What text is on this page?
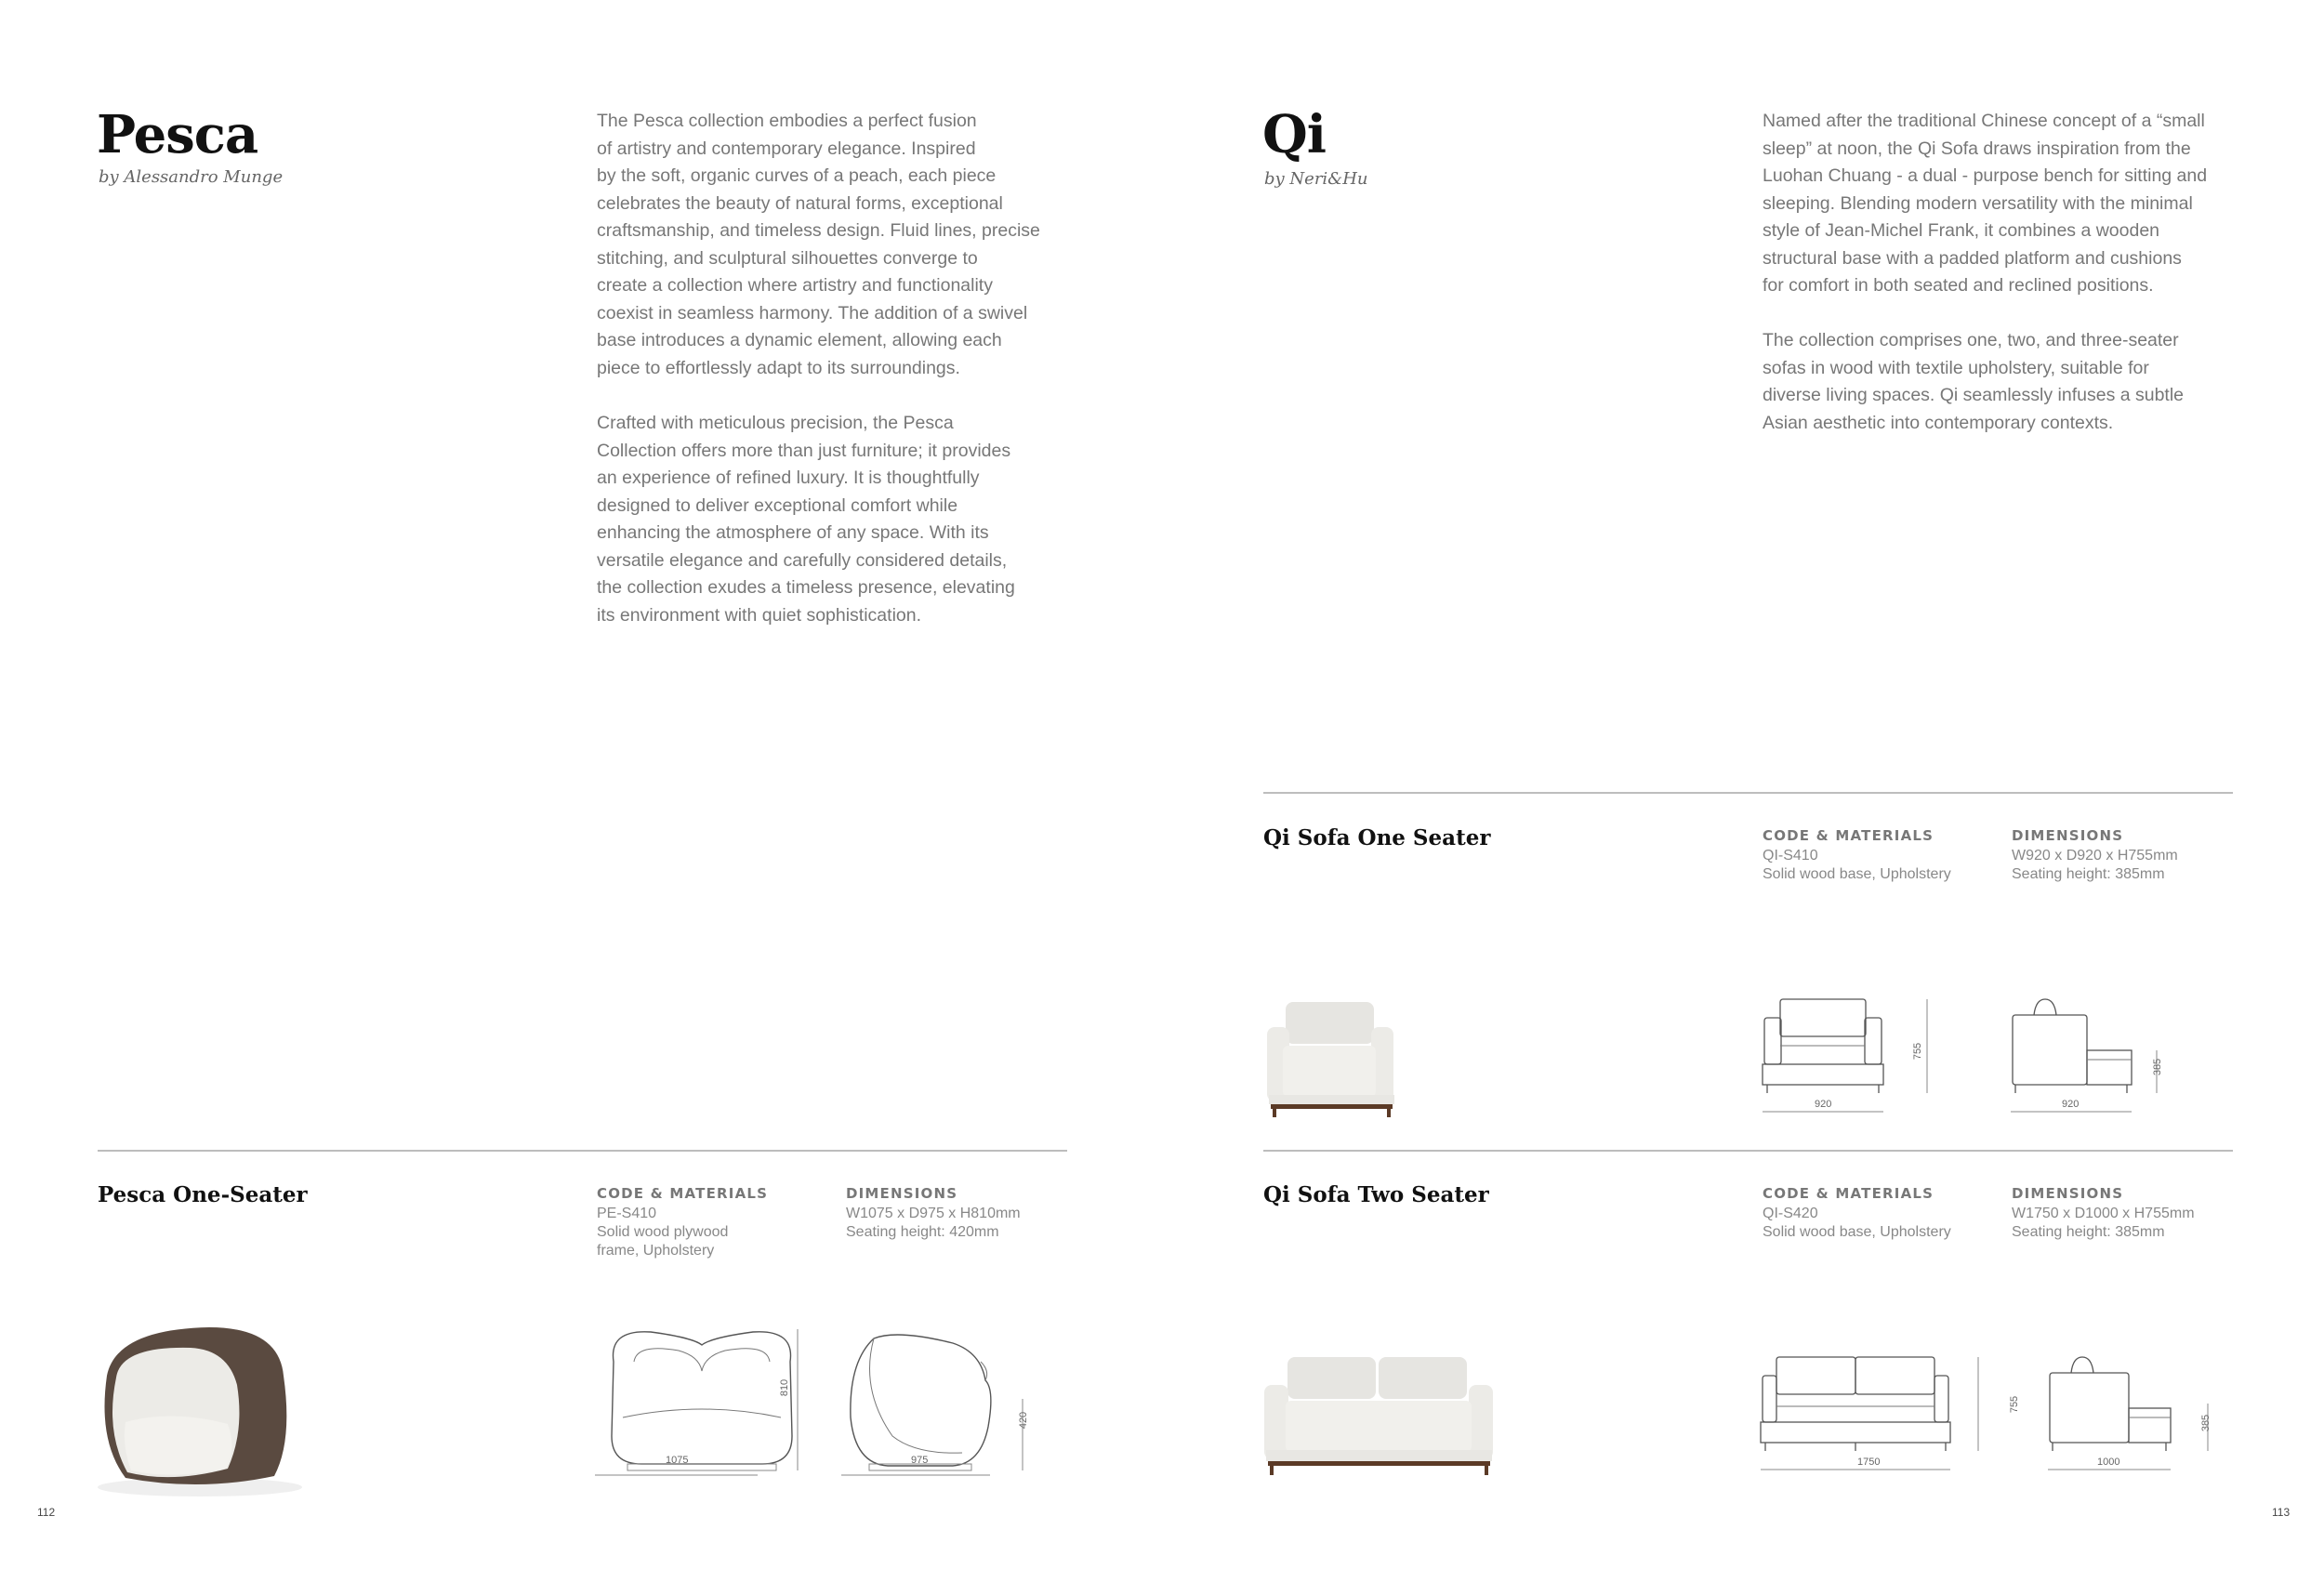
Pesca
by Alessandro Munge
The Pesca collection embodies a perfect fusion
of artistry and contemporary elegance. Inspired
by the soft, organic curves of a peach, each piece
celebrates the beauty of natural forms, exceptional
craftsmanship, and timeless design. Fluid lines, precise
stitching, and sculptural silhouettes converge to
create a collection where artistry and functionality
coexist in seamless harmony. The addition of a swivel
base introduces a dynamic element, allowing each
piece to effortlessly adapt to its surroundings.
Crafted with meticulous precision, the Pesca
Collection offers more than just furniture; it provides
an experience of refined luxury. It is thoughtfully
designed to deliver exceptional comfort while
enhancing the atmosphere of any space. With its
versatile elegance and carefully considered details,
the collection exudes a timeless presence, elevating
its environment with quiet sophistication.
Pesca One-Seater	CODE & MATERIALS
PE-S410
Solid wood plywood
frame, Upholstery
DIMENSIONS
W1075 x D975 x H810mm
Seating height: 420mm
810
1075
420
975
112
Qi
by Neri&Hu
Named after the traditional Chinese concept of a “small
sleep” at noon, the Qi Sofa draws inspiration from the
Luohan Chuang - a dual - purpose bench for sitting and
sleeping. Blending modern versatility with the minimal
style of Jean-Michel Frank, it combines a wooden
structural base with a padded platform and cushions
for comfort in both seated and reclined positions.
The collection comprises one, two, and three-seater
sofas in wood with textile upholstery, suitable for
diverse living spaces. Qi seamlessly infuses a subtle
Asian aesthetic into contemporary contexts.
Qi Sofa One Seater	CODE & MATERIALS
QI-S410
Solid wood base, Upholstery
DIMENSIONS
W920 x D920 x H755mm
Seating height: 385mm
755
920
385
920
Qi Sofa Two Seater	CODE & MATERIALS
QI-S420
Solid wood base, Upholstery
DIMENSIONS
W1750 x D1000 x H755mm
Seating height: 385mm
755
1750
385
1000
113
